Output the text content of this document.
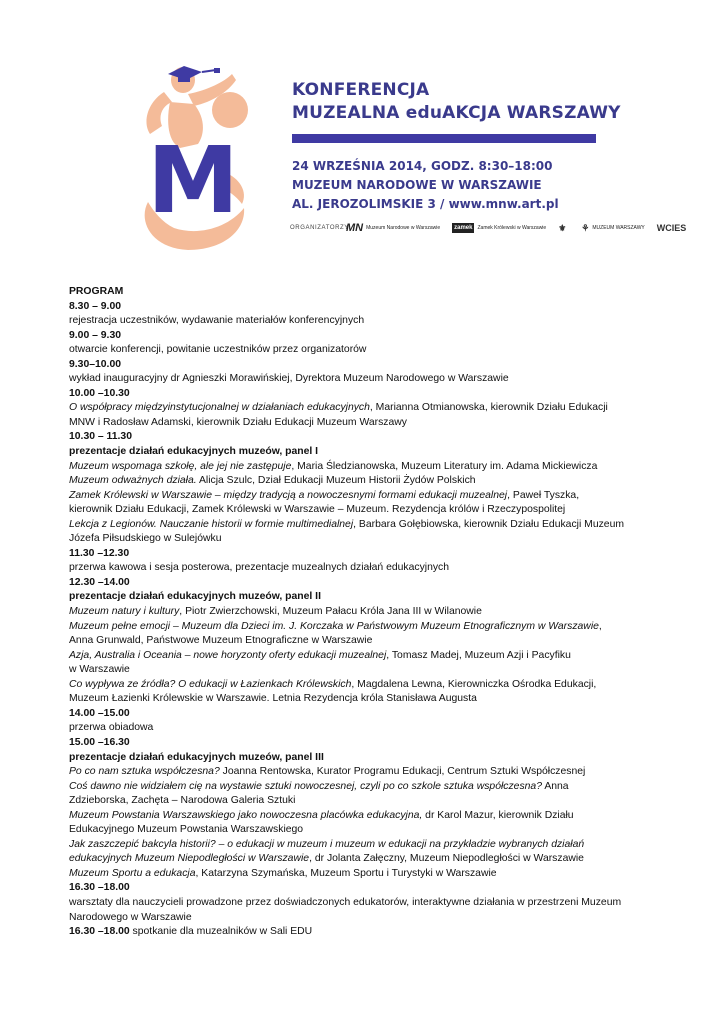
M
KONFERENCJA
MUZEALNA eduAKCJA WARSZAWY
24 WRZEŚNIA 2014, GODZ. 8:30–18:00
MUZEUM NARODOWE W WARSZAWIE
AL. JEROZOLIMSKIE 3 / www.mnw.art.pl
ORGANIZATORZY:
MN Muzeum Narodowe w Warszawie	zamek	Zamek Królewski w Warszawie ⚜ ⚘ MUZEUM WARSZAWY WCIES
PROGRAM
8.30 – 9.00
rejestracja uczestników, wydawanie materiałów konferencyjnych
9.00 – 9.30
otwarcie konferencji, powitanie uczestników przez organizatorów
9.30–10.00
wykład inauguracyjny dr Agnieszki Morawińskiej, Dyrektora Muzeum Narodowego w Warszawie
10.00 –10.30
O współpracy międzyinstytucjonalnej w działaniach edukacyjnych, Marianna Otmianowska, kierownik Działu Edukacji
MNW i Radosław Adamski, kierownik Działu Edukacji Muzeum Warszawy
10.30 – 11.30
prezentacje działań edukacyjnych muzeów, panel I
Muzeum wspomaga szkołę, ale jej nie zastępuje, Maria Śledzianowska, Muzeum Literatury im. Adama Mickiewicza
Muzeum odważnych działa. Alicja Szulc, Dział Edukacji Muzeum Historii Żydów Polskich
Zamek Królewski w Warszawie – między tradycją a nowoczesnymi formami edukacji muzealnej, Paweł Tyszka,
kierownik Działu Edukacji, Zamek Królewski w Warszawie – Muzeum. Rezydencja królów i Rzeczypospolitej
Lekcja z Legionów. Nauczanie historii w formie multimedialnej, Barbara Gołębiowska, kierownik Działu Edukacji Muzeum
Józefa Piłsudskiego w Sulejówku
11.30 –12.30
przerwa kawowa i sesja posterowa, prezentacje muzealnych działań edukacyjnych
12.30 –14.00
prezentacje działań edukacyjnych muzeów, panel II
Muzeum natury i kultury, Piotr Zwierzchowski, Muzeum Pałacu Króla Jana III w Wilanowie
Muzeum pełne emocji – Muzeum dla Dzieci im. J. Korczaka w Państwowym Muzeum Etnograficznym w Warszawie,
Anna Grunwald, Państwowe Muzeum Etnograficzne w Warszawie
Azja, Australia i Oceania – nowe horyzonty oferty edukacji muzealnej, Tomasz Madej, Muzeum Azji i Pacyfiku
w Warszawie
Co wypływa ze źródła? O edukacji w Łazienkach Królewskich, Magdalena Lewna, Kierowniczka Ośrodka Edukacji,
Muzeum Łazienki Królewskie w Warszawie. Letnia Rezydencja króla Stanisława Augusta
14.00 –15.00
przerwa obiadowa
15.00 –16.30
prezentacje działań edukacyjnych muzeów, panel III
Po co nam sztuka współczesna? Joanna Rentowska, Kurator Programu Edukacji, Centrum Sztuki Współczesnej
Coś dawno nie widziałem cię na wystawie sztuki nowoczesnej, czyli po co szkole sztuka współczesna? Anna
Zdzieborska, Zachęta – Narodowa Galeria Sztuki
Muzeum Powstania Warszawskiego jako nowoczesna placówka edukacyjna, dr Karol Mazur, kierownik Działu
Edukacyjnego Muzeum Powstania Warszawskiego
Jak zaszczepić bakcyla historii? – o edukacji w muzeum i muzeum w edukacji na przykładzie wybranych działań
edukacyjnych Muzeum Niepodległości w Warszawie, dr Jolanta Załęczny, Muzeum Niepodległości w Warszawie
Muzeum Sportu a edukacja, Katarzyna Szymańska, Muzeum Sportu i Turystyki w Warszawie
16.30 –18.00
warsztaty dla nauczycieli prowadzone przez doświadczonych edukatorów, interaktywne działania w przestrzeni Muzeum
Narodowego w Warszawie
16.30 –18.00 spotkanie dla muzealników w Sali EDU
